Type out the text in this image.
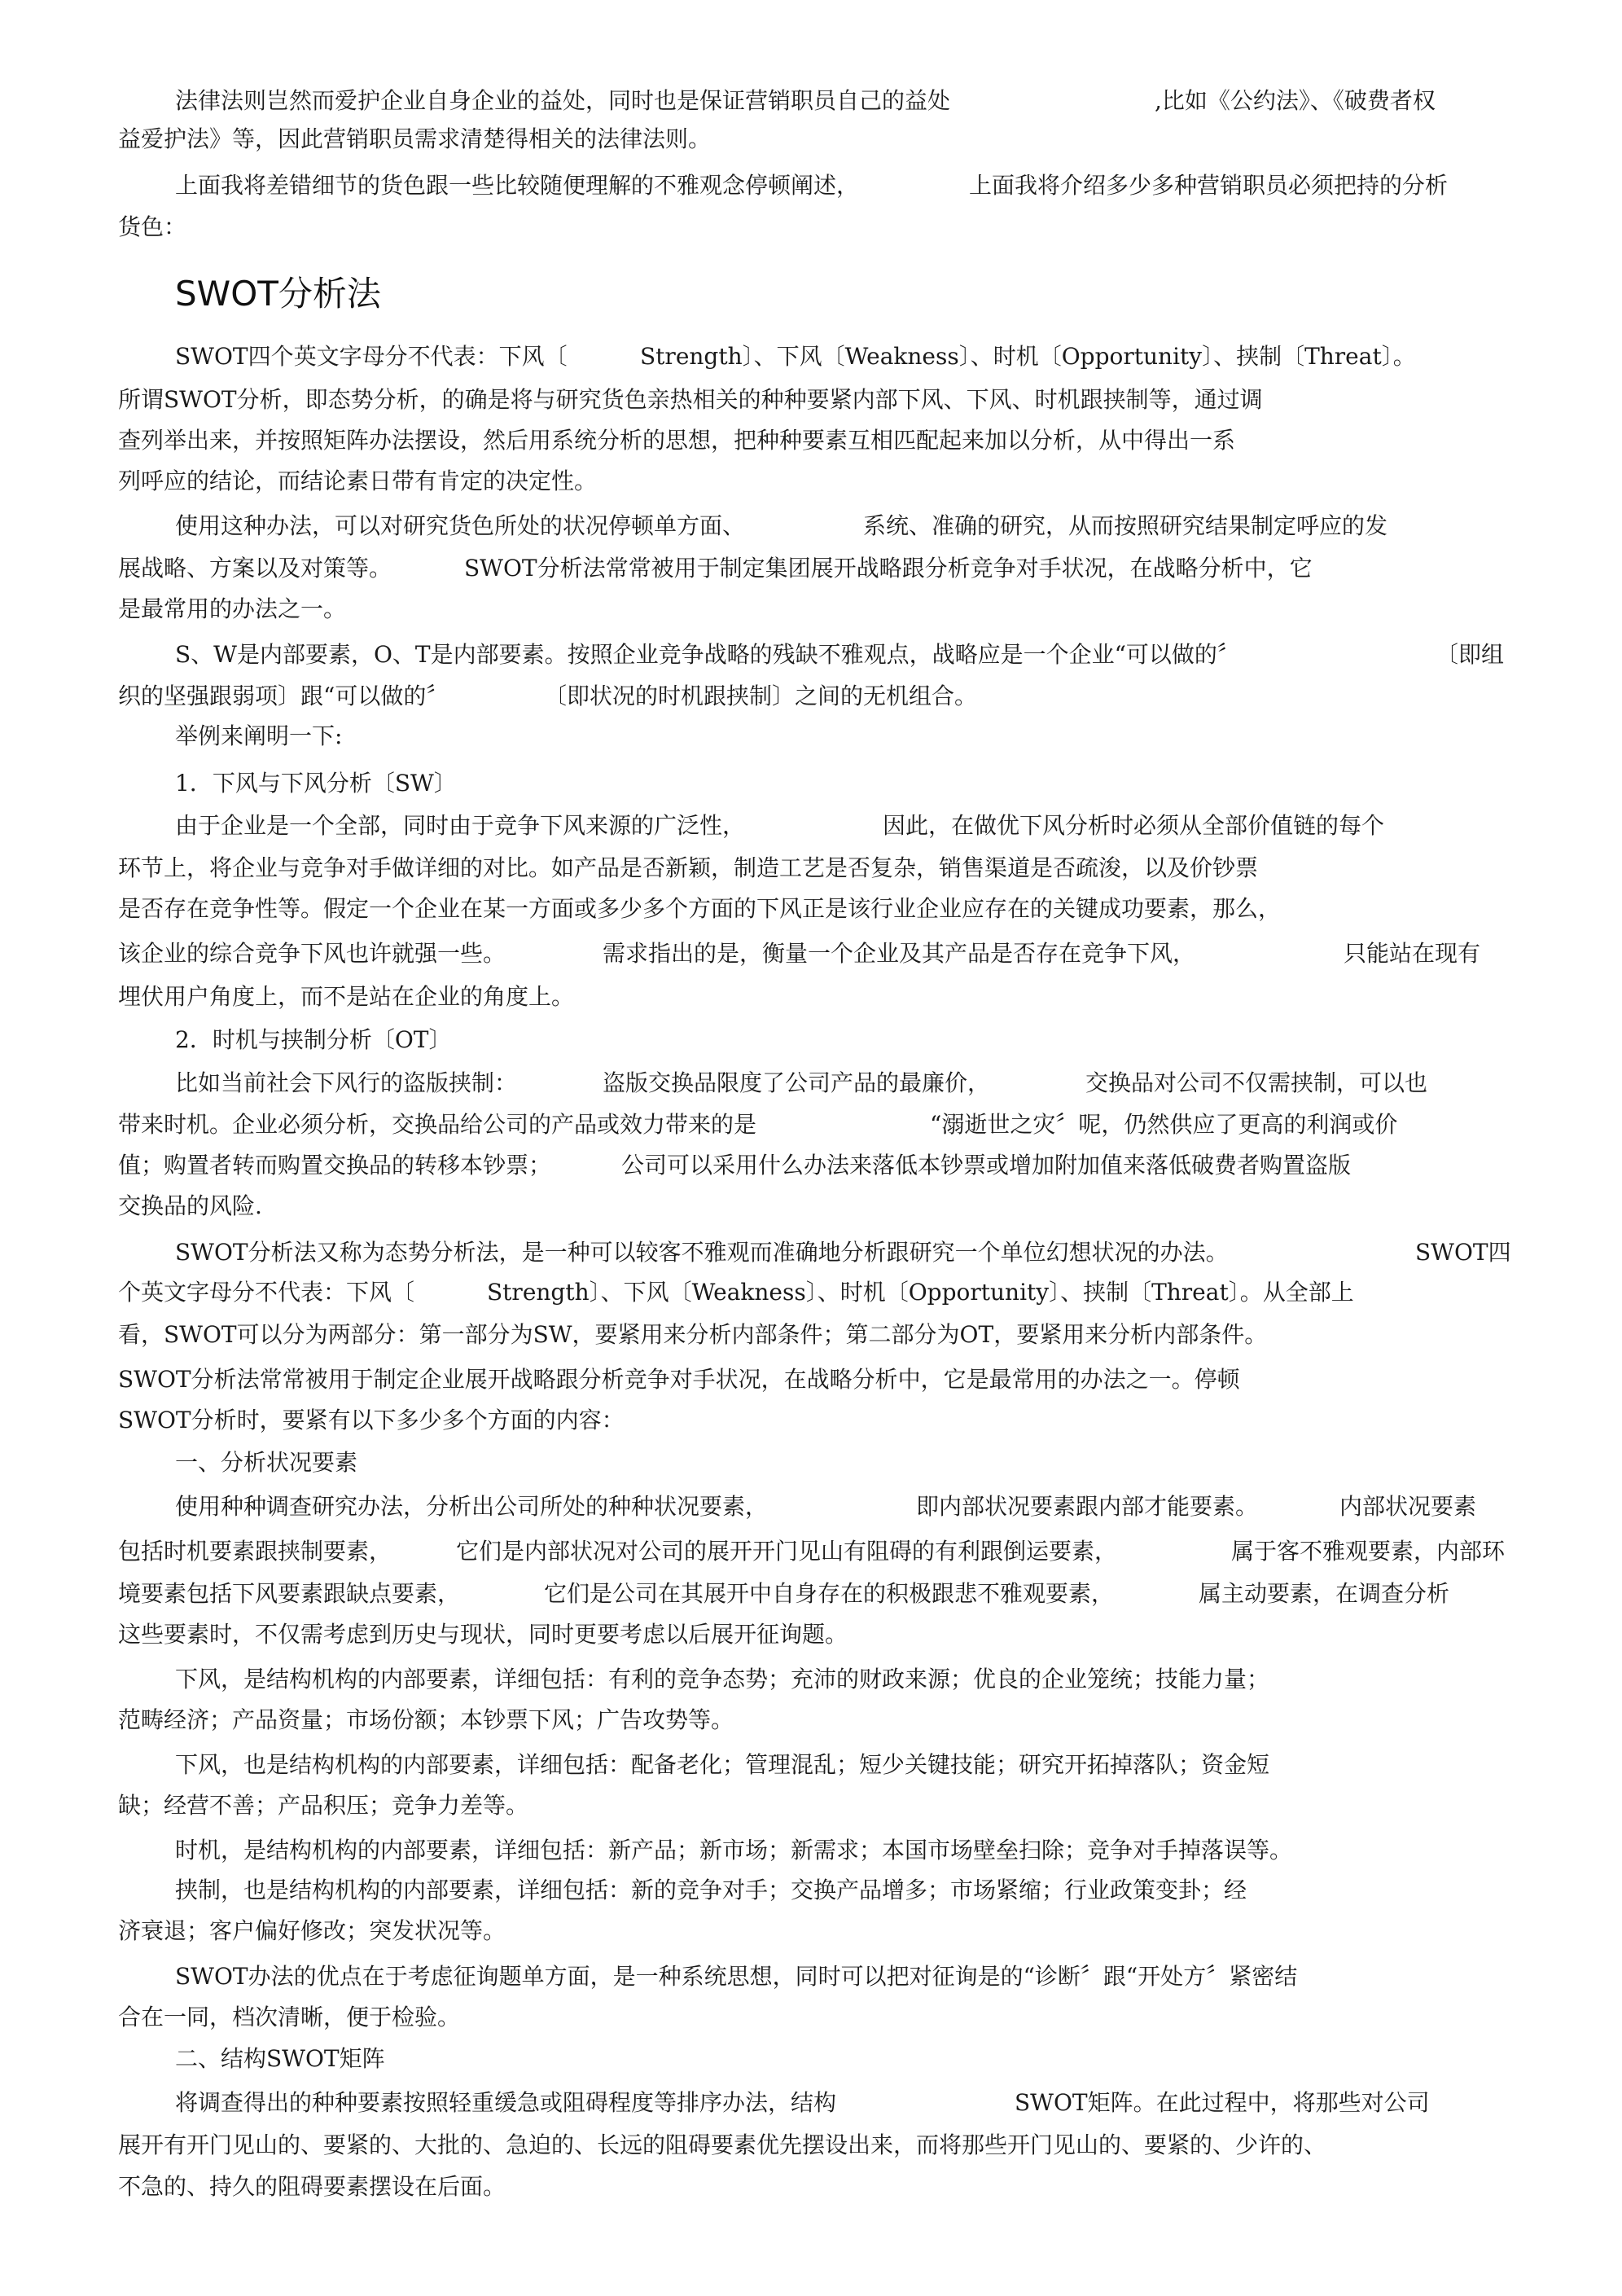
法律法则岂然而爱护企业自身企业的益处，同时也是保证营销职员自己的益处	,比如《公约法》、《破费者权
益爱护法》等，因此营销职员需求清楚得相关的法律法则。
上面我将差错细节的货色跟一些比较随便理解的不雅观念停顿阐述，	上面我将介绍多少多种营销职员必须把持的分析
货色：
SWOT分析法
SWOT四个英文字母分不代表：下风〔	Strength〕、下风〔Weakness〕、时机〔Opportunity〕、挟制〔Threat〕。
所谓SWOT分析，即态势分析，的确是将与研究货色亲热相关的种种要紧内部下风、下风、时机跟挟制等，通过调
查列举出来，并按照矩阵办法摆设，然后用系统分析的思想，把种种要素互相匹配起来加以分析，从中得出一系
列呼应的结论，而结论素日带有肯定的决定性。
使用这种办法，可以对研究货色所处的状况停顿单方面、	系统、准确的研究，从而按照研究结果制定呼应的发
展战略、方案以及对策等。	SWOT分析法常常被用于制定集团展开战略跟分析竞争对手状况，在战略分析中，它
是最常用的办法之一。
S、W是内部要素，O、T是内部要素。按照企业竞争战略的残缺不雅观点，战略应是一个企业“可以做的〞	〔即组
织的坚强跟弱项〕跟“可以做的〞	〔即状况的时机跟挟制〕之间的无机组合。
举例来阐明一下:
1．下风与下风分析〔SW〕
由于企业是一个全部，同时由于竞争下风来源的广泛性，	因此，在做优下风分析时必须从全部价值链的每个
环节上，将企业与竞争对手做详细的对比。如产品是否新颖，制造工艺是否复杂，销售渠道是否疏浚，以及价钞票
是否存在竞争性等。假定一个企业在某一方面或多少多个方面的下风正是该行业企业应存在的关键成功要素，那么，
该企业的综合竞争下风也许就强一些。	需求指出的是，衡量一个企业及其产品是否存在竞争下风，	只能站在现有
埋伏用户角度上，而不是站在企业的角度上。
2．时机与挟制分析〔OT〕
比如当前社会下风行的盗版挟制：	盗版交换品限度了公司产品的最廉价，	交换品对公司不仅需挟制，可以也
带来时机。企业必须分析，交换品给公司的产品或效力带来的是	“溺逝世之灾〞呢，仍然供应了更高的利润或价
值；购置者转而购置交换品的转移本钞票；	公司可以采用什么办法来落低本钞票或增加附加值来落低破费者购置盗版
交换品的风险.
SWOT分析法又称为态势分析法，是一种可以较客不雅观而准确地分析跟研究一个单位幻想状况的办法。	SWOT四
个英文字母分不代表：下风〔	Strength〕、下风〔Weakness〕、时机〔Opportunity〕、挟制〔Threat〕。从全部上
看，SWOT可以分为两部分：第一部分为SW，要紧用来分析内部条件；第二部分为OT，要紧用来分析内部条件。
SWOT分析法常常被用于制定企业展开战略跟分析竞争对手状况，在战略分析中，它是最常用的办法之一。停顿
SWOT分析时，要紧有以下多少多个方面的内容：
一、分析状况要素
使用种种调查研究办法，分析出公司所处的种种状况要素，	即内部状况要素跟内部才能要素。	内部状况要素
包括时机要素跟挟制要素，	它们是内部状况对公司的展开开门见山有阻碍的有利跟倒运要素，	属于客不雅观要素，内部环
境要素包括下风要素跟缺点要素，	它们是公司在其展开中自身存在的积极跟悲不雅观要素，	属主动要素，在调查分析
这些要素时，不仅需考虑到历史与现状，同时更要考虑以后展开征询题。
下风，是结构机构的内部要素，详细包括：有利的竞争态势；充沛的财政来源；优良的企业笼统；技能力量；
范畴经济；产品资量；市场份额；本钞票下风；广告攻势等。
下风，也是结构机构的内部要素，详细包括：配备老化；管理混乱；短少关键技能；研究开拓掉落队；资金短
缺；经营不善；产品积压；竞争力差等。
时机，是结构机构的内部要素，详细包括：新产品；新市场；新需求；本国市场壁垒扫除；竞争对手掉落误等。
挟制，也是结构机构的内部要素，详细包括：新的竞争对手；交换产品增多；市场紧缩；行业政策变卦；经
济衰退；客户偏好修改；突发状况等。
SWOT办法的优点在于考虑征询题单方面，是一种系统思想，同时可以把对征询是的“诊断〞跟“开处方〞紧密结
合在一同，档次清晰，便于检验。
二、结构SWOT矩阵
将调查得出的种种要素按照轻重缓急或阻碍程度等排序办法，结构	SWOT矩阵。在此过程中，将那些对公司
展开有开门见山的、要紧的、大批的、急迫的、长远的阻碍要素优先摆设出来，而将那些开门见山的、要紧的、少许的、
不急的、持久的阻碍要素摆设在后面。
